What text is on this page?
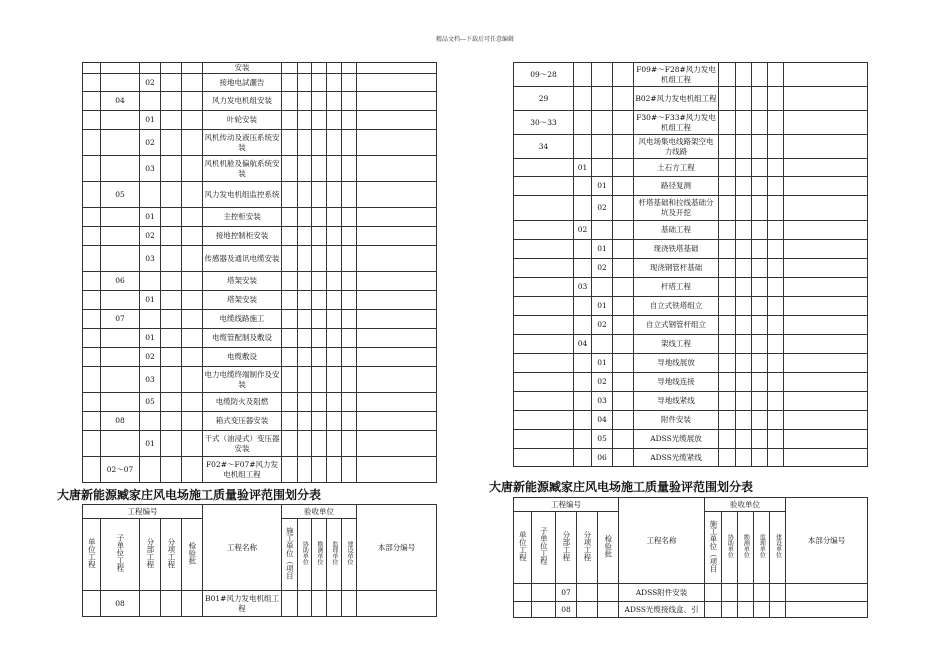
精品文档---下载后可任意编辑
					安装						
		02			接地电試灑告						
	04				风力发电机组安装						
		01			叶轮安装						
		02			风机传动及液压系统安装						
		03			风机机舱及偏航系统安装						
	05				风力发电机组监控系统						
		01			主控柜安装						
		02			接地控制柜安装						
		03			传感器及通讯电缆安装						
	06				塔架安装						
		01			塔架安装						
	07				电缆线路施工						
		01			电缆管配制及敷设						
		02			电缆敷设						
		03			电力电缆终端制作及安装						
		05			电缆防火及阻燃						
	08				箱式变压器安装						
		01			干式（油浸式）变压器安装						
	02～07				F02#～F07#风力发电机组工程						
大唐新能源臧家庄风电场施工质量验评范围划分表
工程编号					工程名称	验收单位					本部分编号
单位工程	子单位工程	分部工程	分项工程	检验批		施工单位（项目	协助单位	勘测单位	监理单位	建设单位	
	08				B01#风力发电机组工程						
09～28				F09#～F28#风力发电机组工程					
29				B02#风力发电机组工程					
30～33				F30#～F33#风力发电机组工程					
34				风电场集电线路架空电力线路					
	01			土石方工程					
		01		路径复测					
		02		杆塔基础和拉线基础分坑及开挖					
	02			基础工程					
		01		现浇铁塔基础					
		02		现浇钢管杆基础					
	03			杆塔工程					
		01		自立式铁塔组立					
		02		自立式钢管杆组立					
	04			架线工程					
		01		导地线展放					
		02		导地线连接					
		03		导地线紧线					
		04		附件安装					
		05		ADSS光缆展放					
		06		ADSS光缆紧线					
大唐新能源臧家庄风电场施工质量验评范围划分表
工程编号					工程名称	验收单位					本部分编号
单位工程	子单位工程	分部工程	分项工程	检验批		施工单位（项目	协助单位	勘测单位	监理单位	建设单位	
		07			ADSS附件安装						
		08			ADSS光缆接线盒、引						
